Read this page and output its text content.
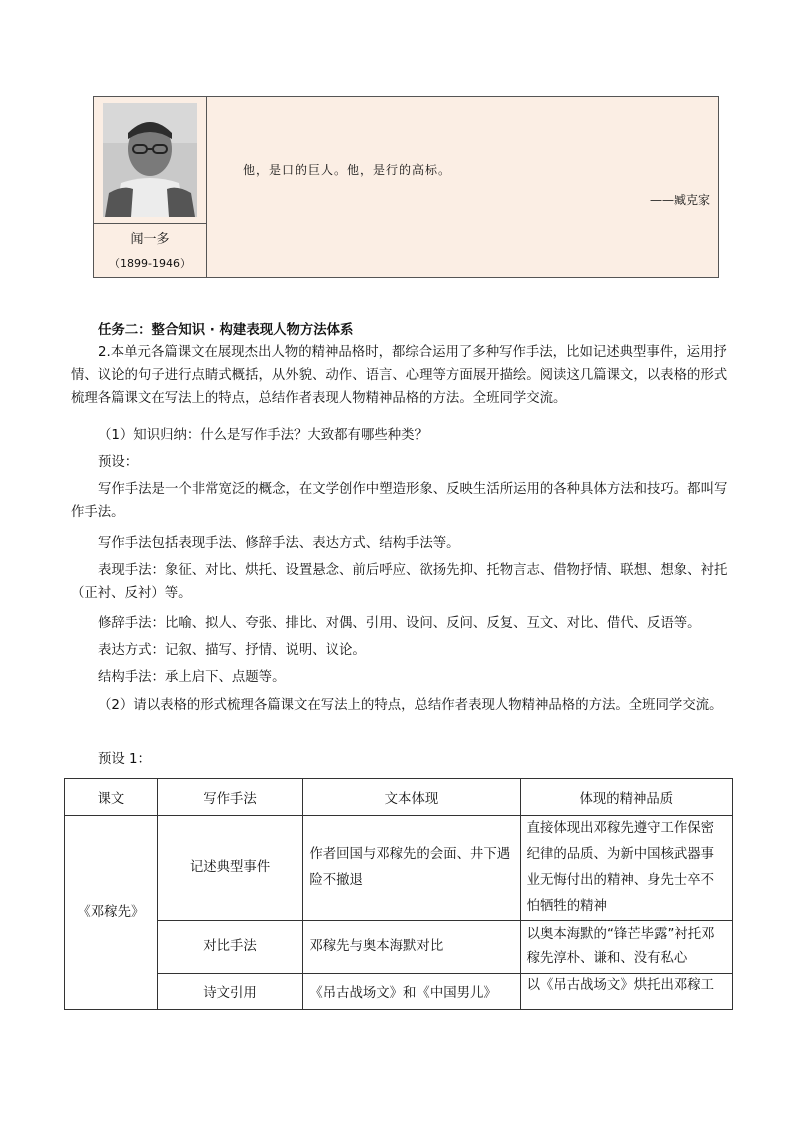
闻一多
（1899-1946）
他，是口的巨人。他，是行的高标。
——臧克家

任务二：整合知识 · 构建表现人物方法体系

2.本单元各篇课文在展现杰出人物的精神品格时，都综合运用了多种写作手法，比如记述典型事件，运用抒情、议论的句子进行点睛式概括，从外貌、动作、语言、心理等方面展开描绘。阅读这几篇课文，以表格的形式梳理各篇课文在写法上的特点，总结作者表现人物精神品格的方法。全班同学交流。

（1）知识归纳：什么是写作手法？大致都有哪些种类？

预设：

写作手法是一个非常宽泛的概念，在文学创作中塑造形象、反映生活所运用的各种具体方法和技巧。都叫写作手法。

写作手法包括表现手法、修辞手法、表达方式、结构手法等。

表现手法：象征、对比、烘托、设置悬念、前后呼应、欲扬先抑、托物言志、借物抒情、联想、想象、衬托（正衬、反衬）等。

修辞手法：比喻、拟人、夸张、排比、对偶、引用、设问、反问、反复、互文、对比、借代、反语等。

表达方式：记叙、描写、抒情、说明、议论。

结构手法：承上启下、点题等。

（2）请以表格的形式梳理各篇课文在写法上的特点，总结作者表现人物精神品格的方法。全班同学交流。

预设 1：

课文	写作手法	文本体现	体现的精神品质
《邓稼先》	记述典型事件	作者回国与邓稼先的会面、井下遇险不撤退	直接体现出邓稼先遵守工作保密纪律的品质、为新中国核武器事业无悔付出的精神、身先士卒不怕牺牲的精神
	对比手法	邓稼先与奥本海默对比	以奥本海默的“锋芒毕露”衬托邓稼先淳朴、谦和、没有私心
	诗文引用	《吊古战场文》和《中国男儿》	以《吊古战场文》烘托出邓稼工
